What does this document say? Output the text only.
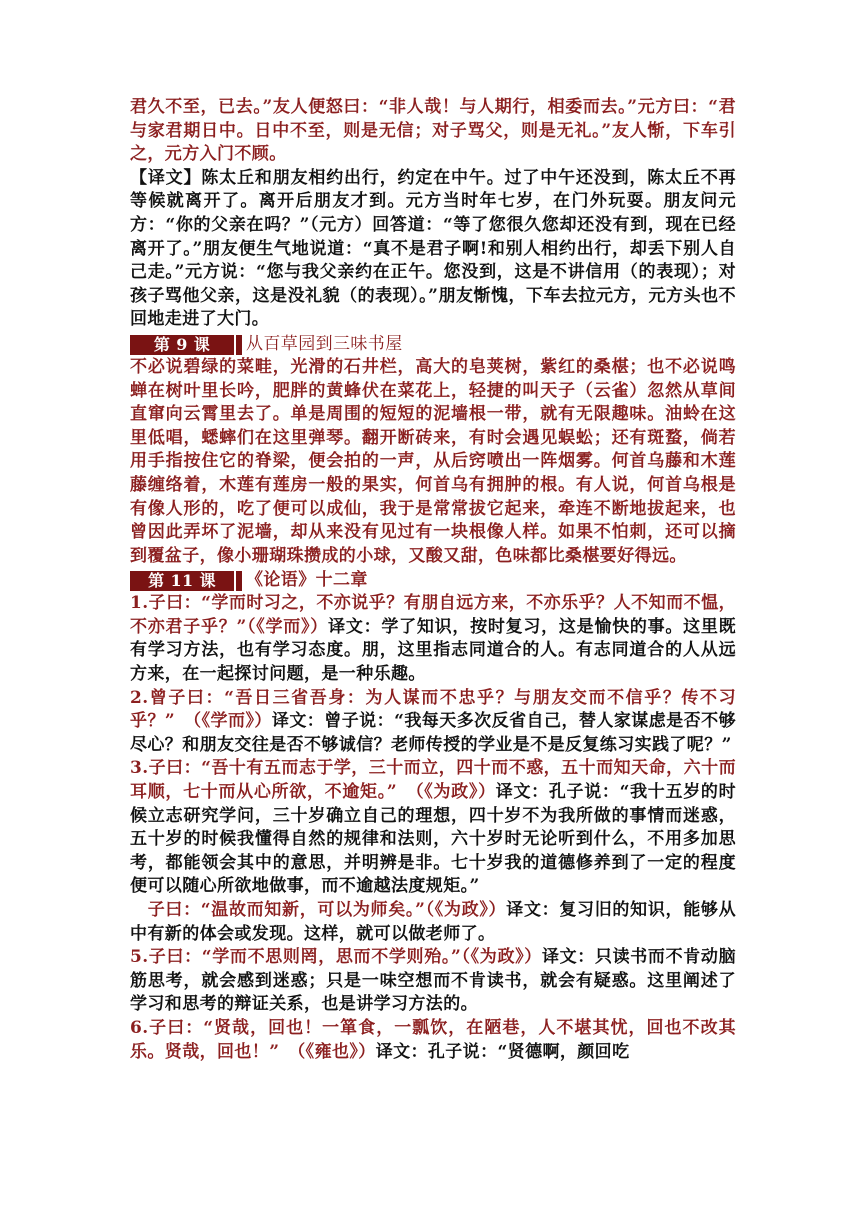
君久不至，已去。”友人便怒曰：“非人哉！与人期行，相委而去。”元方曰：“君与家君期日中。日中不至，则是无信；对子骂父，则是无礼。”友人惭，下车引之，元方入门不顾。

【译文】陈太丘和朋友相约出行，约定在中午。过了中午还没到，陈太丘不再等候就离开了。离开后朋友才到。元方当时年七岁，在门外玩耍。朋友问元方：“你的父亲在吗？”（元方）回答道：“等了您很久您却还没有到，现在已经离开了。”朋友便生气地说道：“真不是君子啊!和别人相约出行，却丢下别人自己走。”元方说：“您与我父亲约在正午。您没到，这是不讲信用（的表现）；对孩子骂他父亲，这是没礼貌（的表现）。”朋友惭愧，下车去拉元方，元方头也不回地走进了大门。

第 9 课	从百草园到三味书屋

不必说碧绿的菜畦，光滑的石井栏，高大的皂荚树，紫红的桑椹；也不必说鸣蝉在树叶里长吟，肥胖的黄蜂伏在菜花上，轻捷的叫天子（云雀）忽然从草间直窜向云霄里去了。单是周围的短短的泥墙根一带，就有无限趣味。油蛉在这里低唱，蟋蟀们在这里弹琴。翻开断砖来，有时会遇见蜈蚣；还有斑蝥，倘若用手指按住它的脊梁，便会拍的一声，从后窍喷出一阵烟雾。何首乌藤和木莲藤缠络着，木莲有莲房一般的果实，何首乌有拥肿的根。有人说，何首乌根是有像人形的，吃了便可以成仙，我于是常常拔它起来，牵连不断地拔起来，也曾因此弄坏了泥墙，却从来没有见过有一块根像人样。如果不怕刺，还可以摘到覆盆子，像小珊瑚珠攒成的小球，又酸又甜，色味都比桑椹要好得远。

第 11 课	《论语》十二章

1.子曰：“学而时习之，不亦说乎？有朋自远方来，不亦乐乎？人不知而不愠，不亦君子乎？”（《学而》）译文：学了知识，按时复习，这是愉快的事。这里既有学习方法，也有学习态度。朋，这里指志同道合的人。有志同道合的人从远方来，在一起探讨问题，是一种乐趣。

2.曾子曰：“吾日三省吾身：为人谋而不忠乎？与朋友交而不信乎？传不习乎？”　（《学而》）译文：曾子说：“我每天多次反省自己，替人家谋虑是否不够尽心？和朋友交往是否不够诚信？老师传授的学业是不是反复练习实践了呢？”

3.子曰：“吾十有五而志于学，三十而立，四十而不惑，五十而知天命，六十而耳顺，七十而从心所欲，不逾矩。”　（《为政》）译文：孔子说：“我十五岁的时候立志研究学问，三十岁确立自己的理想，四十岁不为我所做的事情而迷惑，五十岁的时候我懂得自然的规律和法则，六十岁时无论听到什么，不用多加思考，都能领会其中的意思，并明辨是非。七十岁我的道德修养到了一定的程度便可以随心所欲地做事，而不逾越法度规矩。”

　子曰：“温故而知新，可以为师矣。”（《为政》）译文：复习旧的知识，能够从中有新的体会或发现。这样，就可以做老师了。

5.子曰：“学而不思则罔，思而不学则殆。”（《为政》）译文：只读书而不肯动脑筋思考，就会感到迷惑；只是一味空想而不肯读书，就会有疑惑。这里阐述了学习和思考的辩证关系，也是讲学习方法的。

6.子曰：“贤哉，回也！一箪食，一瓢饮，在陋巷，人不堪其忧，回也不改其乐。贤哉，回也！”　（《雍也》）译文：孔子说：“贤德啊，颜回吃
